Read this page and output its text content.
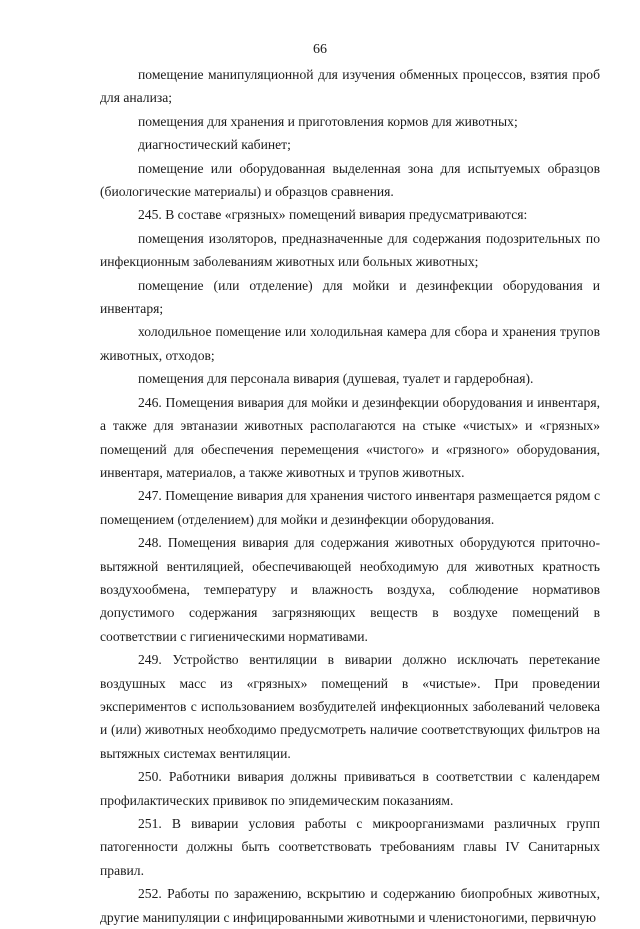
66

помещение манипуляционной для изучения обменных процессов, взятия проб для анализа;

помещения для хранения и приготовления кормов для животных;

диагностический кабинет;

помещение или оборудованная выделенная зона для испытуемых образцов (биологические материалы) и образцов сравнения.

245. В составе «грязных» помещений вивария предусматриваются:

помещения изоляторов, предназначенные для содержания подозрительных по инфекционным заболеваниям животных или больных животных;

помещение (или отделение) для мойки и дезинфекции оборудования и инвентаря;

холодильное помещение или холодильная камера для сбора и хранения трупов животных, отходов;

помещения для персонала вивария (душевая, туалет и гардеробная).

246. Помещения вивария для мойки и дезинфекции оборудования и инвентаря, а также для эвтаназии животных располагаются на стыке «чистых» и «грязных» помещений для обеспечения перемещения «чистого» и «грязного» оборудования, инвентаря, материалов, а также животных и трупов животных.

247. Помещение вивария для хранения чистого инвентаря размещается рядом с помещением (отделением) для мойки и дезинфекции оборудования.

248. Помещения вивария для содержания животных оборудуются приточно-вытяжной вентиляцией, обеспечивающей необходимую для животных кратность воздухообмена, температуру и влажность воздуха, соблюдение нормативов допустимого содержания загрязняющих веществ в воздухе помещений в соответствии с гигиеническими нормативами.

249. Устройство вентиляции в виварии должно исключать перетекание воздушных масс из «грязных» помещений в «чистые». При проведении экспериментов с использованием возбудителей инфекционных заболеваний человека и (или) животных необходимо предусмотреть наличие соответствующих фильтров на вытяжных системах вентиляции.

250. Работники вивария должны прививаться в соответствии с календарем профилактических прививок по эпидемическим показаниям.

251. В виварии условия работы с микроорганизмами различных групп патогенности должны быть соответствовать требованиям главы IV Санитарных правил.

252. Работы по заражению, вскрытию и содержанию биопробных животных, другие манипуляции с инфицированными животными и членистоногими, первичную
